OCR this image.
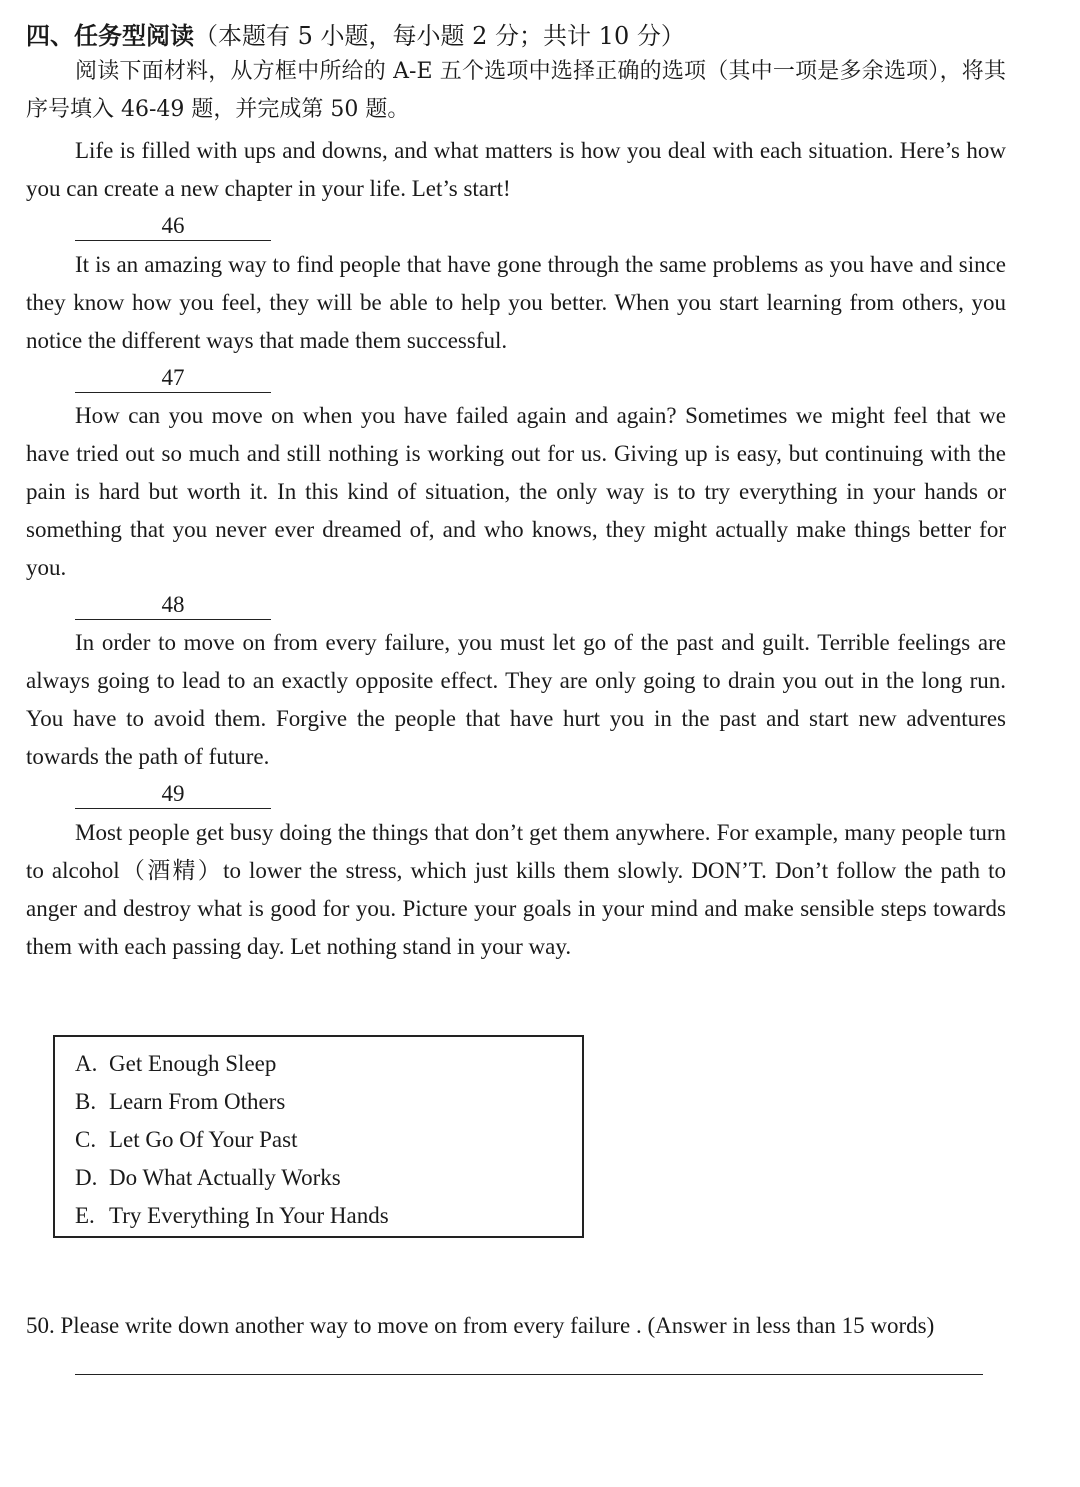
四、任务型阅读（本题有 5 小题，每小题 2 分；共计 10 分）

阅读下面材料，从方框中所给的 A-E 五个选项中选择正确的选项（其中一项是多余选项），将其序号填入 46-49 题，并完成第 50 题。

Life is filled with ups and downs, and what matters is how you deal with each situation. Here’s how you can create a new chapter in your life. Let’s start!

46

It is an amazing way to find people that have gone through the same problems as you have and since they know how you feel, they will be able to help you better. When you start learning from others, you notice the different ways that made them successful.

47

How can you move on when you have failed again and again? Sometimes we might feel that we have tried out so much and still nothing is working out for us. Giving up is easy, but continuing with the pain is hard but worth it. In this kind of situation, the only way is to try everything in your hands or something that you never ever dreamed of, and who knows, they might actually make things better for you.

48

In order to move on from every failure, you must let go of the past and guilt. Terrible feelings are always going to lead to an exactly opposite effect. They are only going to drain you out in the long run. You have to avoid them. Forgive the people that have hurt you in the past and start new adventures towards the path of future.

49

Most people get busy doing the things that don’t get them anywhere. For example, many people turn to alcohol（酒精）to lower the stress, which just kills them slowly. DON’T. Don’t follow the path to anger and destroy what is good for you. Picture your goals in your mind and make sensible steps towards them with each passing day. Let nothing stand in your way.

A. Get Enough Sleep
B. Learn From Others
C. Let Go Of Your Past
D. Do What Actually Works
E. Try Everything In Your Hands
50. Please write down another way to move on from every failure . (Answer in less than 15 words)
